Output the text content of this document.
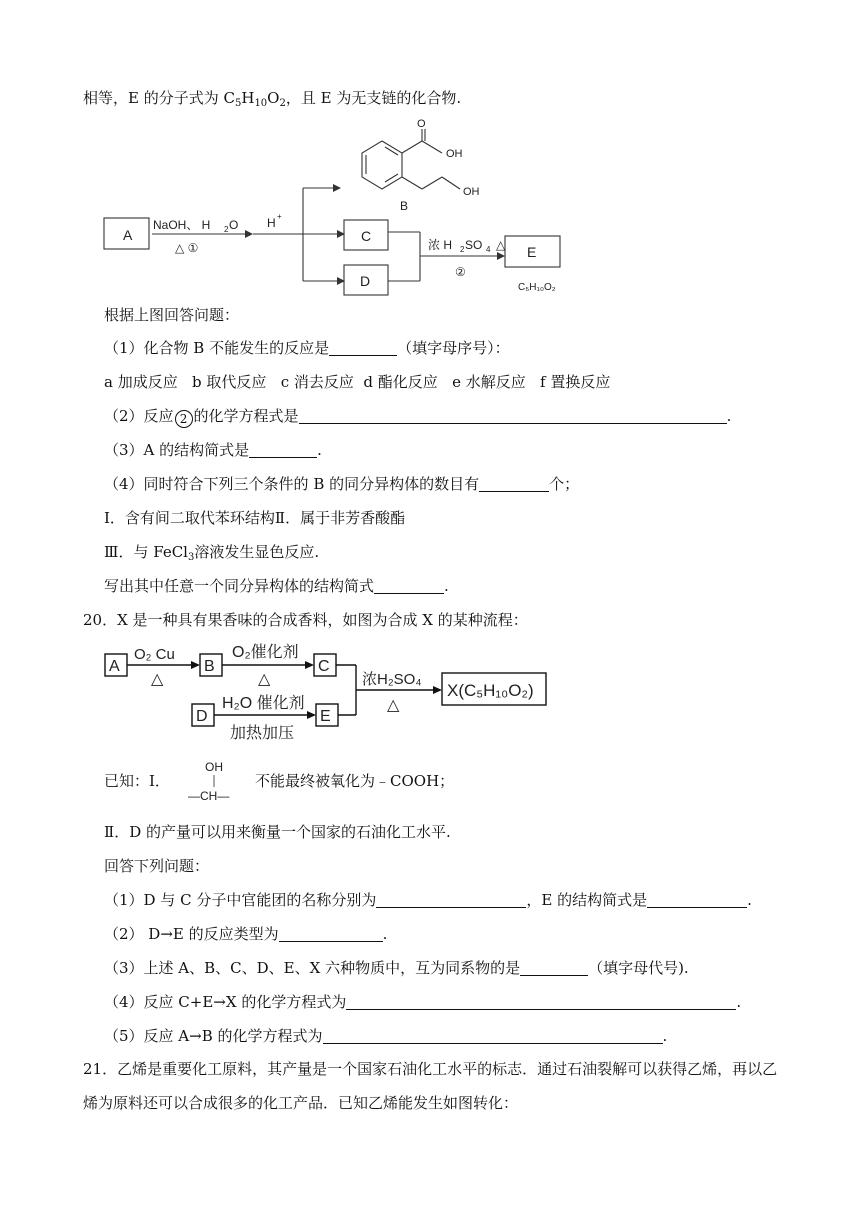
相等，E 的分子式为 $C_5H_{10}O_2$，且 E 为无支链的化合物.
A
NaOH、 H 2 O
△ ①
H +
C
D
B
O
OH
OH
浓 H 2 SO 4 △
②
E
C₅H₁₀O₂
根据上图回答问题：
（1）化合物 B 不能发生的反应是	（填字母序号）：
a 加成反应   b 取代反应   c 消去反应  d 酯化反应   e 水解反应   f 置换反应
（2）反应 2 的化学方程式是	.
（3）A 的结构简式是	.
（4）同时符合下列三个条件的 B 的同分异构体的数目有	个；
Ⅰ．含有间二取代苯环结构Ⅱ．属于非芳香酸酯
Ⅲ．与 FeCl$_3$溶液发生显色反应.
写出其中任意一个同分异构体的结构简式	.
20．X 是一种具有果香味的合成香料，如图为合成 X 的某种流程：
A
O₂ Cu
△
B
O₂催化剂
△
C
浓H₂SO₄
△
X(C₅H₁₀O₂)
D
H₂O 催化剂
加热加压
E
已知：Ⅰ．
OH
—CH—
不能最终被氧化为﹣COOH；
Ⅱ．D 的产量可以用来衡量一个国家的石油化工水平.
回答下列问题：
（1）D 与 C 分子中官能团的名称分别为	，E 的结构简式是	.
（2） D→E 的反应类型为	.
（3）上述 A、B、C、D、E、X 六种物质中，互为同系物的是	（填字母代号).
（4）反应 C+E→X 的化学方程式为	.
（5）反应 A→B 的化学方程式为	.
21．乙烯是重要化工原料，其产量是一个国家石油化工水平的标志．通过石油裂解可以获得乙烯，再以乙
烯为原料还可以合成很多的化工产品．已知乙烯能发生如图转化：
